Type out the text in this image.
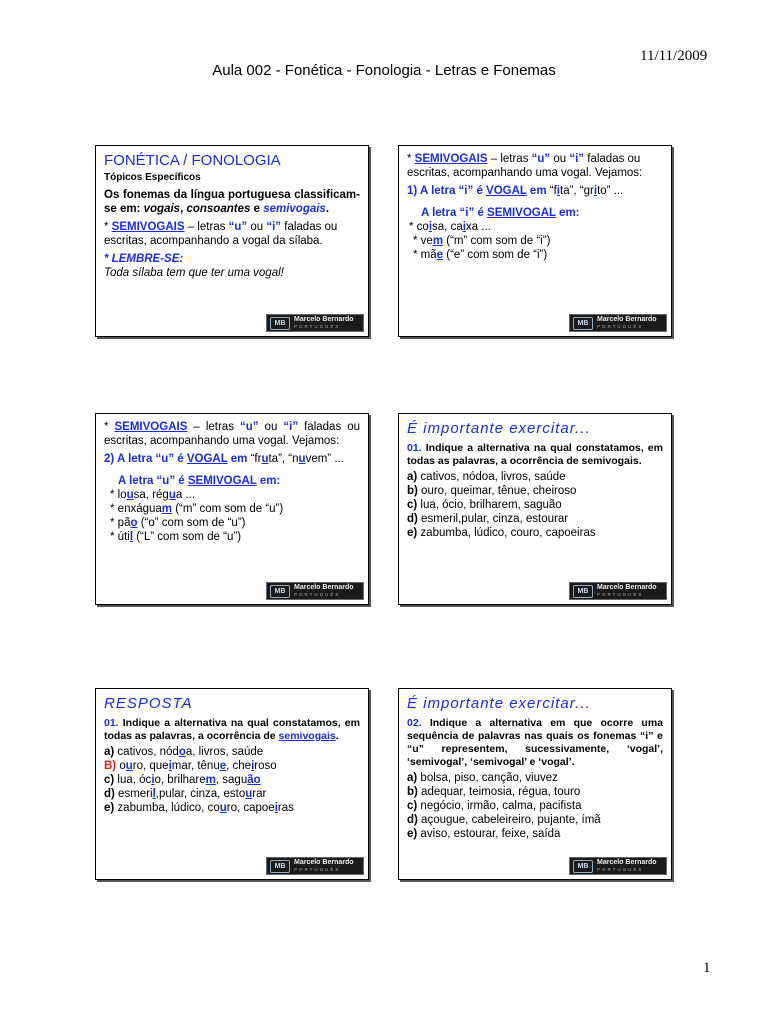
11/11/2009
Aula 002 - Fonética - Fonologia - Letras e Fonemas
FONÉTICA / FONOLOGIA
Tópicos Específicos
Os fonemas da língua portuguesa classificam-se em: vogais, consoantes e semivogais.
* SEMIVOGAIS – letras “u” ou “i” faladas ou escritas, acompanhando a vogal da sílaba.
* LEMBRE-SE:
Toda sílaba tem que ter uma vogal!
MB	Marcelo Bernardo
PORTUGUÊS
* SEMIVOGAIS – letras “u” ou “i” faladas ou escritas, acompanhando uma vogal. Vejamos:
1) A letra “i” é VOGAL em “fita”, “grito” ...
A letra “i” é SEMIVOGAL em:
* coisa, caixa ...
* vem (“m” com som de “i”)
* mãe (“e” com som de “i”)
MB	Marcelo Bernardo
PORTUGUÊS
* SEMIVOGAIS – letras “u” ou “i” faladas ou escritas, acompanhando uma vogal. Vejamos:
2) A letra “u” é VOGAL em “fruta”, “nuvem” ...
A letra “u” é SEMIVOGAL em:
* lousa, régua ...
* enxáguam (“m” com som de “u”)
* pão (“o” com som de “u”)
* útil (“L” com som de “u”)
MB	Marcelo Bernardo
PORTUGUÊS
É importante exercitar...
01. Indique a alternativa na qual constatamos, em todas as palavras, a ocorrência de semivogais.
a) cativos, nódoa, livros, saúde
b) ouro, queimar, tênue, cheiroso
c) lua, ócio, brilharem, saguão
d) esmeril,pular, cinza, estourar
e) zabumba, lúdico, couro, capoeiras
MB	Marcelo Bernardo
PORTUGUÊS
RESPOSTA
01. Indique a alternativa na qual constatamos, em todas as palavras, a ocorrência de semivogais.
a) cativos, nódoa, livros, saúde
B) ouro, queimar, tênue, cheiroso
c) lua, ócio, brilharem, saguão
d) esmeril,pular, cinza, estourar
e) zabumba, lúdico, couro, capoeiras
MB	Marcelo Bernardo
PORTUGUÊS
É importante exercitar...
02. Indique a alternativa em que ocorre uma sequência de palavras nas quais os fonemas “i” e “u” representem, sucessivamente, ‘vogal’, ‘semivogal’, ‘semivogal’ e ‘vogal’.
a) bolsa, piso, canção, viuvez
b) adequar, teimosia, régua, touro
c) negócio, irmão, calma, pacifista
d) açougue, cabeleireiro, pujante, ímã
e) aviso, estourar, feixe, saída
MB	Marcelo Bernardo
PORTUGUÊS
1
